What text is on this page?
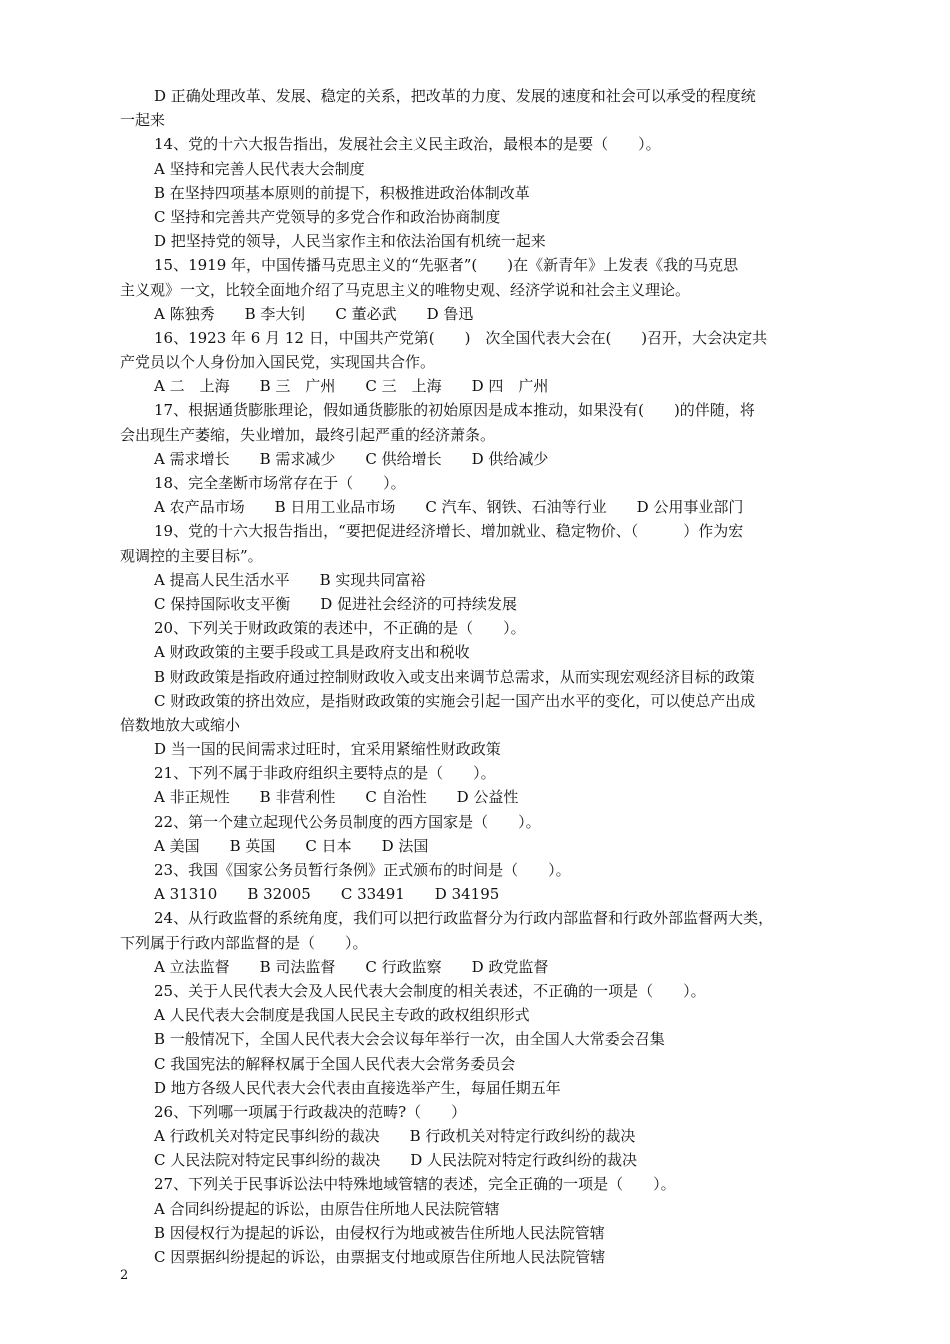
D 正确处理改革、发展、稳定的关系，把改革的力度、发展的速度和社会可以承受的程度统
一起来
14、党的十六大报告指出，发展社会主义民主政治，最根本的是要（　　）。
A 坚持和完善人民代表大会制度
B 在坚持四项基本原则的前提下，积极推进政治体制改革
C 坚持和完善共产党领导的多党合作和政治协商制度
D 把坚持党的领导，人民当家作主和依法治国有机统一起来
15、1919 年，中国传播马克思主义的“先驱者”(　　)在《新青年》上发表《我的马克思
主义观》一文，比较全面地介绍了马克思主义的唯物史观、经济学说和社会主义理论。
A 陈独秀　　B 李大钊　　C 董必武　　D 鲁迅
16、1923 年 6 月 12 日，中国共产党第(　　)　次全国代表大会在(　　)召开，大会决定共
产党员以个人身份加入国民党，实现国共合作。
A 二　上海　　B 三　广州　　C 三　上海　　D 四　广州
17、根据通货膨胀理论，假如通货膨胀的初始原因是成本推动，如果没有(　　)的伴随，将
会出现生产萎缩，失业增加，最终引起严重的经济萧条。
A 需求增长　　B 需求减少　　C 供给增长　　D 供给减少
18、完全垄断市场常存在于（　　）。
A 农产品市场　　B 日用工业品市场　　C 汽车、钢铁、石油等行业　　D 公用事业部门
19、党的十六大报告指出，“要把促进经济增长、增加就业、稳定物价、（　　　）作为宏
观调控的主要目标”。
A 提高人民生活水平　　B 实现共同富裕
C 保持国际收支平衡　　D 促进社会经济的可持续发展
20、下列关于财政政策的表述中，不正确的是（　　）。
A 财政政策的主要手段或工具是政府支出和税收
B 财政政策是指政府通过控制财政收入或支出来调节总需求，从而实现宏观经济目标的政策
C 财政政策的挤出效应，是指财政政策的实施会引起一国产出水平的变化，可以使总产出成
倍数地放大或缩小
D 当一国的民间需求过旺时，宜采用紧缩性财政政策
21、下列不属于非政府组织主要特点的是（　　）。
A 非正规性　　B 非营利性　　C 自治性　　D 公益性
22、第一个建立起现代公务员制度的西方国家是（　　）。
A 美国　　B 英国　　C 日本　　D 法国
23、我国《国家公务员暂行条例》正式颁布的时间是（　　）。
A 31310　　B 32005　　C 33491　　D 34195
24、从行政监督的系统角度，我们可以把行政监督分为行政内部监督和行政外部监督两大类，
下列属于行政内部监督的是（　　）。
A 立法监督　　B 司法监督　　C 行政监察　　D 政党监督
25、关于人民代表大会及人民代表大会制度的相关表述，不正确的一项是（　　）。
A 人民代表大会制度是我国人民民主专政的政权组织形式
B 一般情况下，全国人民代表大会会议每年举行一次，由全国人大常委会召集
C 我国宪法的解释权属于全国人民代表大会常务委员会
D 地方各级人民代表大会代表由直接选举产生，每届任期五年
26、下列哪一项属于行政裁决的范畴?（　　）
A 行政机关对特定民事纠纷的裁决　　B 行政机关对特定行政纠纷的裁决
C 人民法院对特定民事纠纷的裁决　　D 人民法院对特定行政纠纷的裁决
27、下列关于民事诉讼法中特殊地域管辖的表述，完全正确的一项是（　　）。
A 合同纠纷提起的诉讼，由原告住所地人民法院管辖
B 因侵权行为提起的诉讼，由侵权行为地或被告住所地人民法院管辖
C 因票据纠纷提起的诉讼，由票据支付地或原告住所地人民法院管辖
2
